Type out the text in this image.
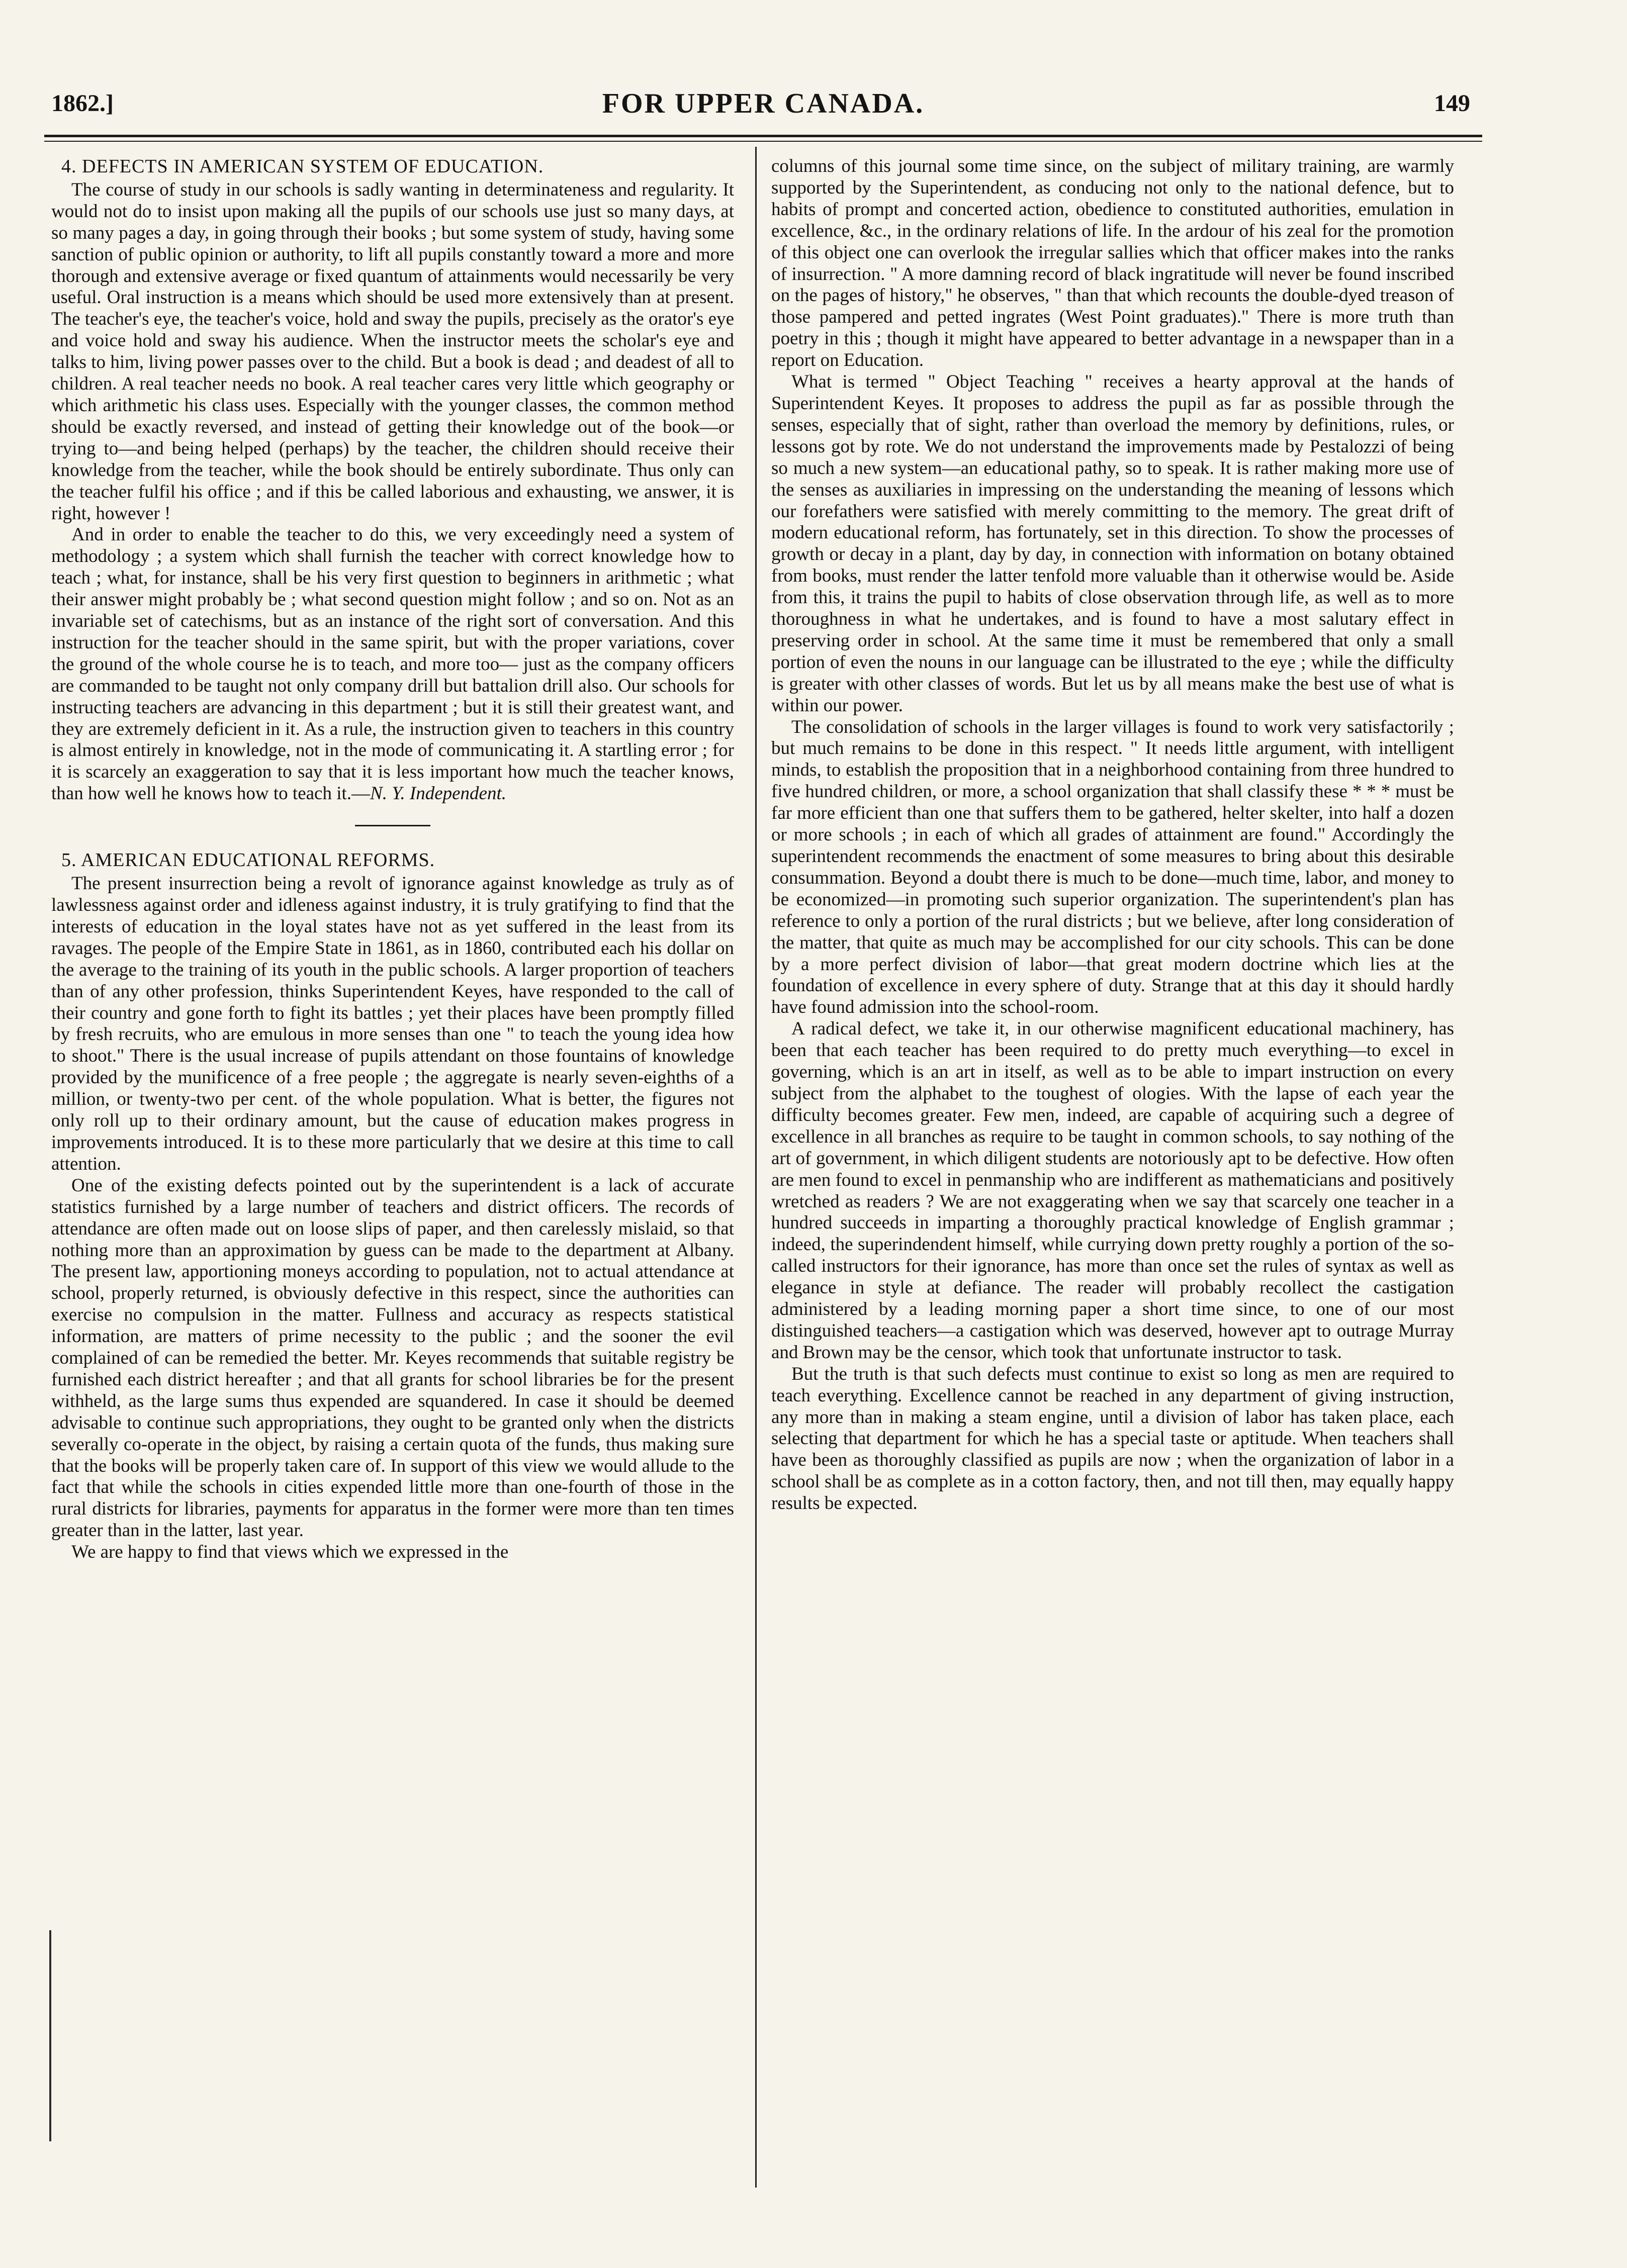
1862.]	FOR UPPER CANADA.	149
4. DEFECTS IN AMERICAN SYSTEM OF EDUCATION.

The course of study in our schools is sadly wanting in determinateness and regularity. It would not do to insist upon making all the pupils of our schools use just so many days, at so many pages a day, in going through their books ; but some system of study, having some sanction of public opinion or authority, to lift all pupils constantly toward a more and more thorough and extensive average or fixed quantum of attainments would necessarily be very useful. Oral instruction is a means which should be used more extensively than at present. The teacher's eye, the teacher's voice, hold and sway the pupils, precisely as the orator's eye and voice hold and sway his audience. When the instructor meets the scholar's eye and talks to him, living power passes over to the child. But a book is dead ; and deadest of all to children. A real teacher needs no book. A real teacher cares very little which geography or which arithmetic his class uses. Especially with the younger classes, the common method should be exactly reversed, and instead of getting their knowledge out of the book—or trying to—and being helped (perhaps) by the teacher, the children should receive their knowledge from the teacher, while the book should be entirely subordinate. Thus only can the teacher fulfil his office ; and if this be called laborious and exhausting, we answer, it is right, however !

And in order to enable the teacher to do this, we very exceedingly need a system of methodology ; a system which shall furnish the teacher with correct knowledge how to teach ; what, for instance, shall be his very first question to beginners in arithmetic ; what their answer might probably be ; what second question might follow ; and so on. Not as an invariable set of catechisms, but as an instance of the right sort of conversation. And this instruction for the teacher should in the same spirit, but with the proper variations, cover the ground of the whole course he is to teach, and more too— just as the company officers are commanded to be taught not only company drill but battalion drill also. Our schools for instructing teachers are advancing in this department ; but it is still their greatest want, and they are extremely deficient in it. As a rule, the instruction given to teachers in this country is almost entirely in knowledge, not in the mode of communicating it. A startling error ; for it is scarcely an exaggeration to say that it is less important how much the teacher knows, than how well he knows how to teach it.—N. Y. Independent.

5. AMERICAN EDUCATIONAL REFORMS.

The present insurrection being a revolt of ignorance against knowledge as truly as of lawlessness against order and idleness against industry, it is truly gratifying to find that the interests of education in the loyal states have not as yet suffered in the least from its ravages. The people of the Empire State in 1861, as in 1860, contributed each his dollar on the average to the training of its youth in the public schools. A larger proportion of teachers than of any other profession, thinks Superintendent Keyes, have responded to the call of their country and gone forth to fight its battles ; yet their places have been promptly filled by fresh recruits, who are emulous in more senses than one " to teach the young idea how to shoot." There is the usual increase of pupils attendant on those fountains of knowledge provided by the munificence of a free people ; the aggregate is nearly seven-eighths of a million, or twenty-two per cent. of the whole population. What is better, the figures not only roll up to their ordinary amount, but the cause of education makes progress in improvements introduced. It is to these more particularly that we desire at this time to call attention.

One of the existing defects pointed out by the superintendent is a lack of accurate statistics furnished by a large number of teachers and district officers. The records of attendance are often made out on loose slips of paper, and then carelessly mislaid, so that nothing more than an approximation by guess can be made to the department at Albany. The present law, apportioning moneys according to population, not to actual attendance at school, properly returned, is obviously defective in this respect, since the authorities can exercise no compulsion in the matter. Fullness and accuracy as respects statistical information, are matters of prime necessity to the public ; and the sooner the evil complained of can be remedied the better. Mr. Keyes recommends that suitable registry be furnished each district hereafter ; and that all grants for school libraries be for the present withheld, as the large sums thus expended are squandered. In case it should be deemed advisable to continue such appropriations, they ought to be granted only when the districts severally co-operate in the object, by raising a certain quota of the funds, thus making sure that the books will be properly taken care of. In support of this view we would allude to the fact that while the schools in cities expended little more than one-fourth of those in the rural districts for libraries, payments for apparatus in the former were more than ten times greater than in the latter, last year.

We are happy to find that views which we expressed in the

columns of this journal some time since, on the subject of military training, are warmly supported by the Superintendent, as conducing not only to the national defence, but to habits of prompt and concerted action, obedience to constituted authorities, emulation in excellence, &c., in the ordinary relations of life. In the ardour of his zeal for the promotion of this object one can overlook the irregular sallies which that officer makes into the ranks of insurrection. " A more damning record of black ingratitude will never be found inscribed on the pages of history," he observes, " than that which recounts the double-dyed treason of those pampered and petted ingrates (West Point graduates)." There is more truth than poetry in this ; though it might have appeared to better advantage in a newspaper than in a report on Education.

What is termed " Object Teaching " receives a hearty approval at the hands of Superintendent Keyes. It proposes to address the pupil as far as possible through the senses, especially that of sight, rather than overload the memory by definitions, rules, or lessons got by rote. We do not understand the improvements made by Pestalozzi of being so much a new system—an educational pathy, so to speak. It is rather making more use of the senses as auxiliaries in impressing on the understanding the meaning of lessons which our forefathers were satisfied with merely committing to the memory. The great drift of modern educational reform, has fortunately, set in this direction. To show the processes of growth or decay in a plant, day by day, in connection with information on botany obtained from books, must render the latter tenfold more valuable than it otherwise would be. Aside from this, it trains the pupil to habits of close observation through life, as well as to more thoroughness in what he undertakes, and is found to have a most salutary effect in preserving order in school. At the same time it must be remembered that only a small portion of even the nouns in our language can be illustrated to the eye ; while the difficulty is greater with other classes of words. But let us by all means make the best use of what is within our power.

The consolidation of schools in the larger villages is found to work very satisfactorily ; but much remains to be done in this respect. " It needs little argument, with intelligent minds, to establish the proposition that in a neighborhood containing from three hundred to five hundred children, or more, a school organization that shall classify these * * * must be far more efficient than one that suffers them to be gathered, helter skelter, into half a dozen or more schools ; in each of which all grades of attainment are found." Accordingly the superintendent recommends the enactment of some measures to bring about this desirable consummation. Beyond a doubt there is much to be done—much time, labor, and money to be economized—in promoting such superior organization. The superintendent's plan has reference to only a portion of the rural districts ; but we believe, after long consideration of the matter, that quite as much may be accomplished for our city schools. This can be done by a more perfect division of labor—that great modern doctrine which lies at the foundation of excellence in every sphere of duty. Strange that at this day it should hardly have found admission into the school-room.

A radical defect, we take it, in our otherwise magnificent educational machinery, has been that each teacher has been required to do pretty much everything—to excel in governing, which is an art in itself, as well as to be able to impart instruction on every subject from the alphabet to the toughest of ologies. With the lapse of each year the difficulty becomes greater. Few men, indeed, are capable of acquiring such a degree of excellence in all branches as require to be taught in common schools, to say nothing of the art of government, in which diligent students are notoriously apt to be defective. How often are men found to excel in penmanship who are indifferent as mathematicians and positively wretched as readers ? We are not exaggerating when we say that scarcely one teacher in a hundred succeeds in imparting a thoroughly practical knowledge of English grammar ; indeed, the superindendent himself, while currying down pretty roughly a portion of the so-called instructors for their ignorance, has more than once set the rules of syntax as well as elegance in style at defiance. The reader will probably recollect the castigation administered by a leading morning paper a short time since, to one of our most distinguished teachers—a castigation which was deserved, however apt to outrage Murray and Brown may be the censor, which took that unfortunate instructor to task.

But the truth is that such defects must continue to exist so long as men are required to teach everything. Excellence cannot be reached in any department of giving instruction, any more than in making a steam engine, until a division of labor has taken place, each selecting that department for which he has a special taste or aptitude. When teachers shall have been as thoroughly classified as pupils are now ; when the organization of labor in a school shall be as complete as in a cotton factory, then, and not till then, may equally happy results be expected.
